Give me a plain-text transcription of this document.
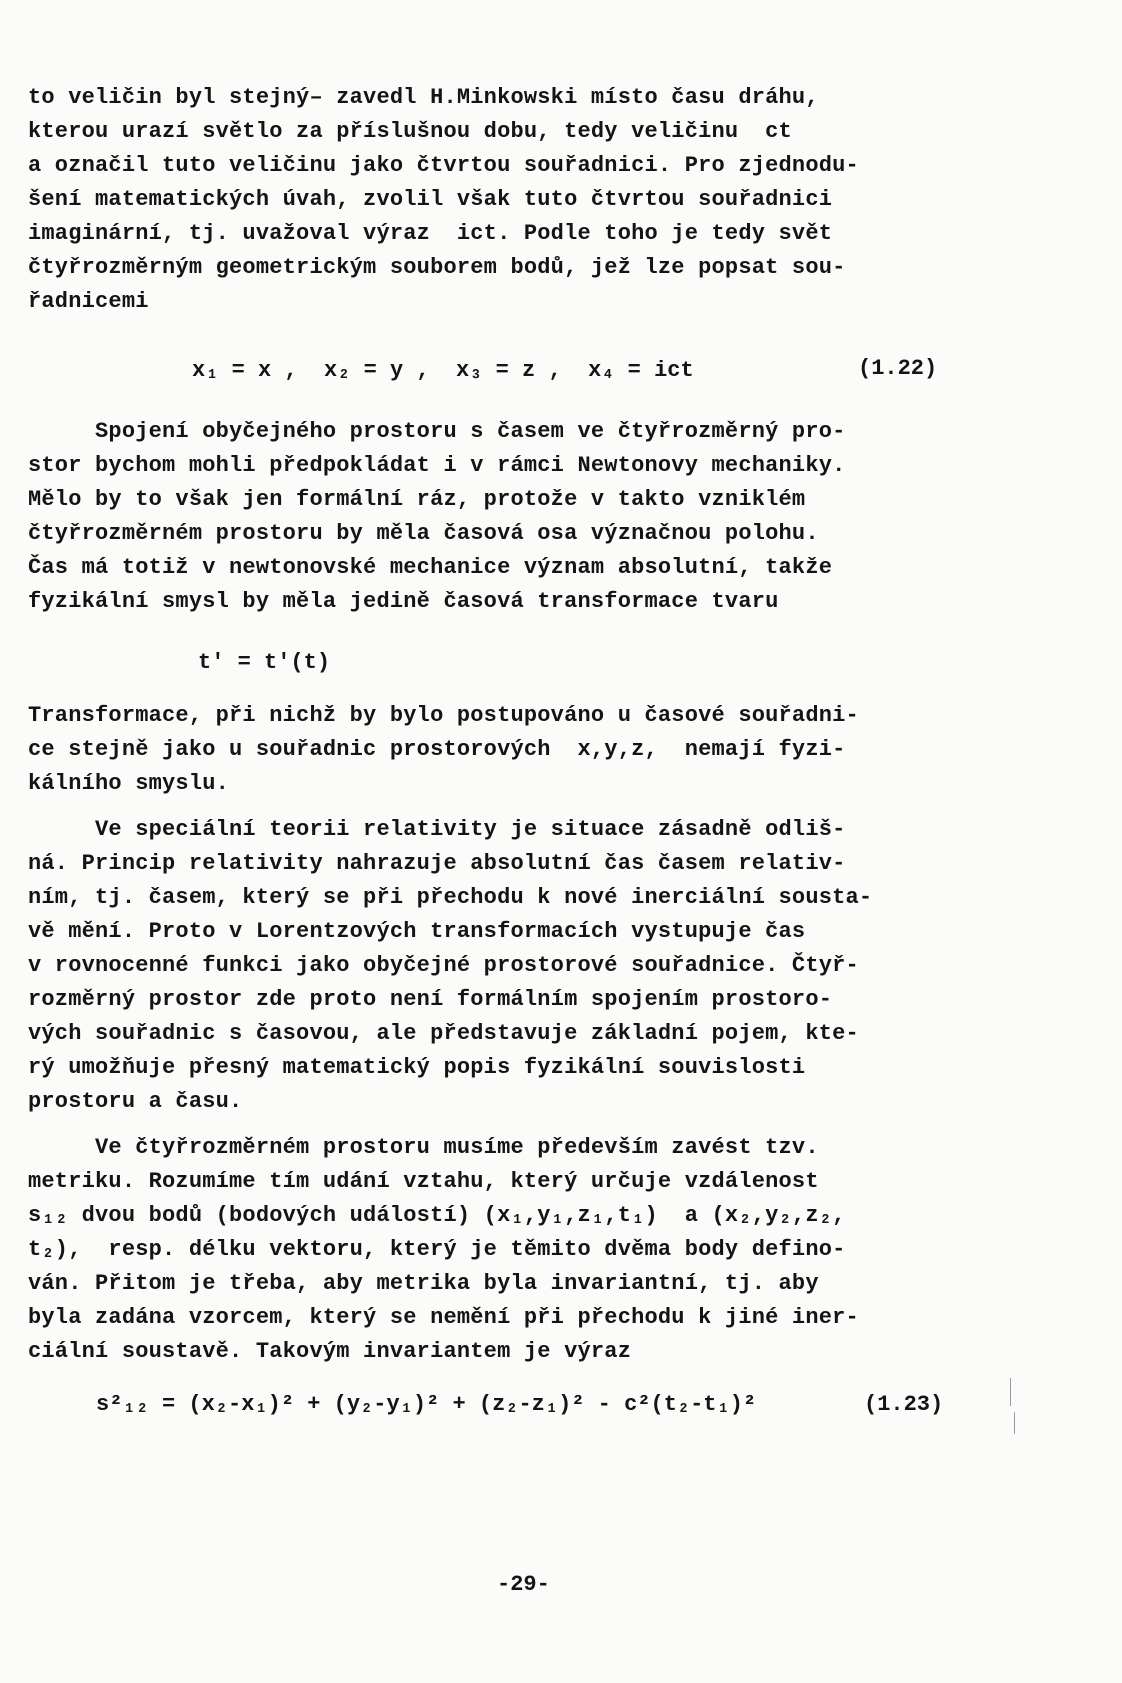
to veličin byl stejný– zavedl H.Minkowski místo času dráhu,
kterou urazí světlo za příslušnou dobu, tedy veličinu  ct
a označil tuto veličinu jako čtvrtou souřadnici. Pro zjednodu-
šení matematických úvah, zvolil však tuto čtvrtou souřadnici
imaginární, tj. uvažoval výraz  ict. Podle toho je tedy svět
čtyřrozměrným geometrickým souborem bodů, jež lze popsat sou-
řadnicemi
x₁ = x ,  x₂ = y ,  x₃ = z ,  x₄ = ict	(1.22)
Spojení obyčejného prostoru s časem ve čtyřrozměrný pro-
stor bychom mohli předpokládat i v rámci Newtonovy mechaniky.
Mělo by to však jen formální ráz, protože v takto vzniklém
čtyřrozměrném prostoru by měla časová osa význačnou polohu.
Čas má totiž v newtonovské mechanice význam absolutní, takže
fyzikální smysl by měla jedině časová transformace tvaru
t′ = t′(t)
Transformace, při nichž by bylo postupováno u časové souřadni-
ce stejně jako u souřadnic prostorových  x,y,z,  nemají fyzi-
kálního smyslu.
Ve speciální teorii relativity je situace zásadně odliš-
ná. Princip relativity nahrazuje absolutní čas časem relativ-
ním, tj. časem, který se při přechodu k nové inerciální sousta-
vě mění. Proto v Lorentzových transformacích vystupuje čas
v rovnocenné funkci jako obyčejné prostorové souřadnice. Čtyř-
rozměrný prostor zde proto není formálním spojením prostoro-
vých souřadnic s časovou, ale představuje základní pojem, kte-
rý umožňuje přesný matematický popis fyzikální souvislosti
prostoru a času.
Ve čtyřrozměrném prostoru musíme především zavést tzv.
metriku. Rozumíme tím udání vztahu, který určuje vzdálenost
s₁₂ dvou bodů (bodových událostí) (x₁,y₁,z₁,t₁)  a (x₂,y₂,z₂,
t₂),  resp. délku vektoru, který je těmito dvěma body defino-
ván. Přitom je třeba, aby metrika byla invariantní, tj. aby
byla zadána vzorcem, který se nemění při přechodu k jiné iner-
ciální soustavě. Takovým invariantem je výraz
s²₁₂ = (x₂-x₁)² + (y₂-y₁)² + (z₂-z₁)² - c²(t₂-t₁)²	(1.23)
-29-
